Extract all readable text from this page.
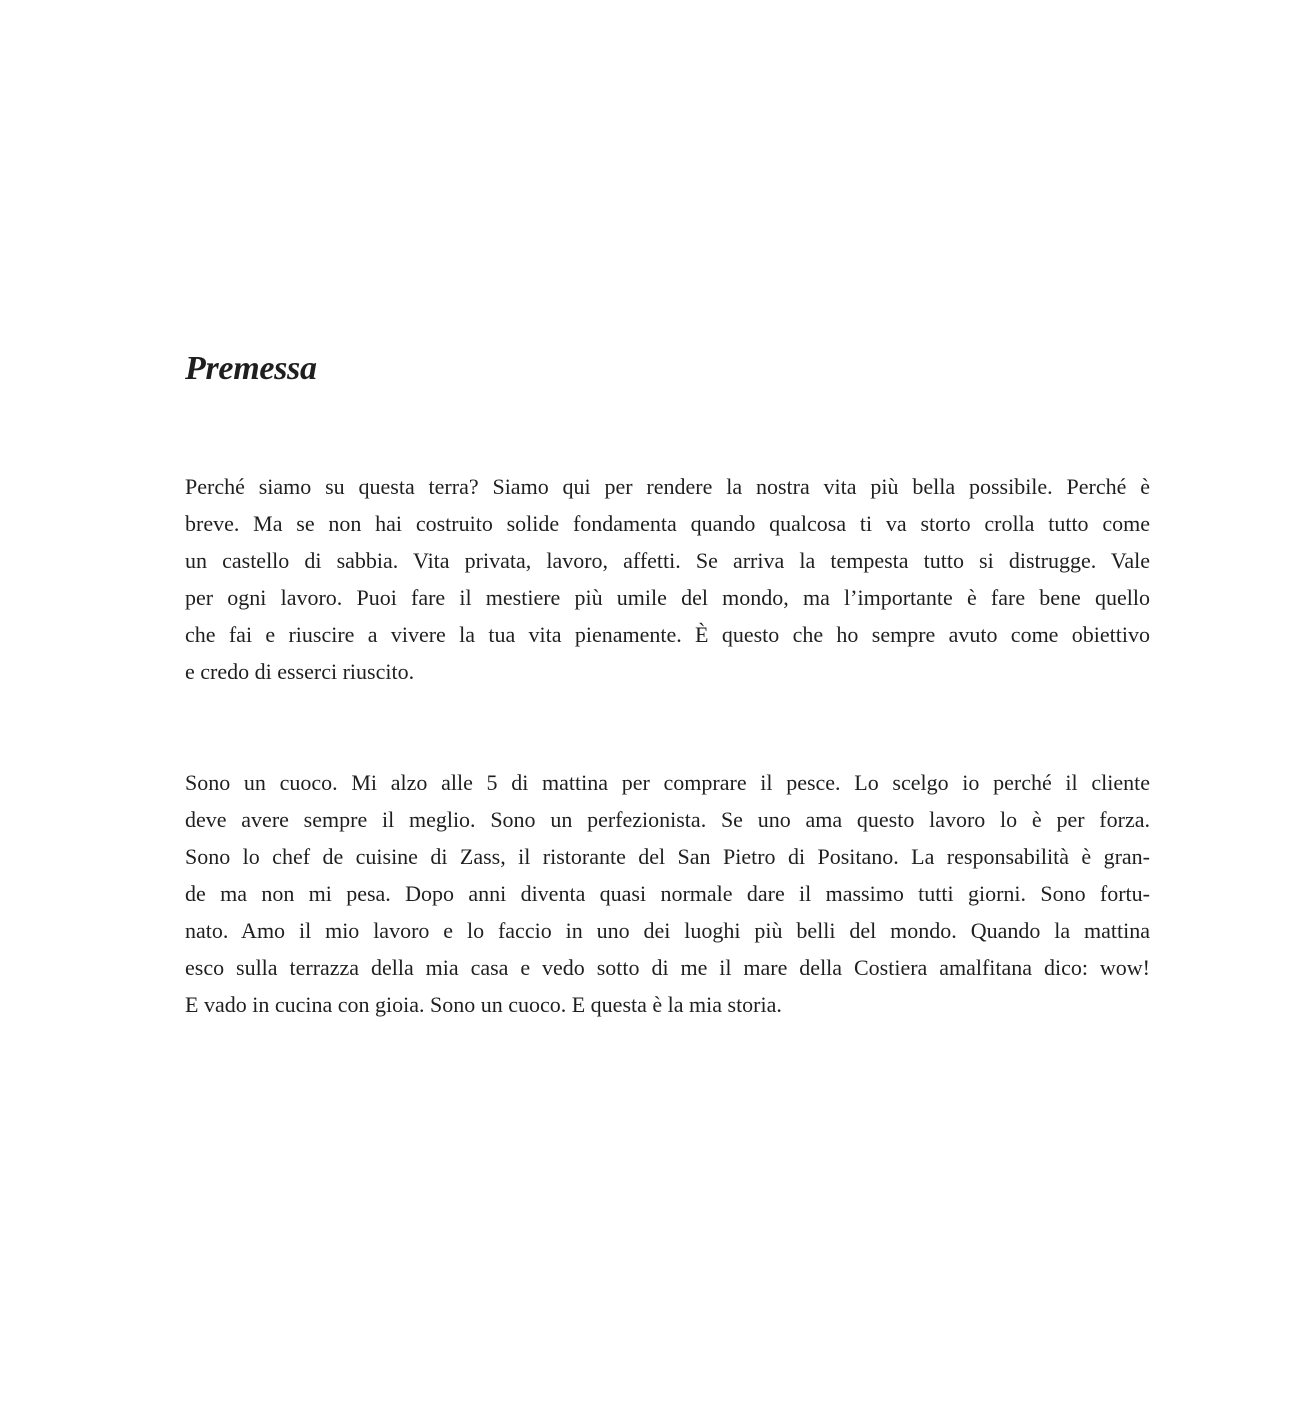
Premessa
Perché siamo su questa terra? Siamo qui per rendere la nostra vita più bella possibile. Perché è
breve. Ma se non hai costruito solide fondamenta quando qualcosa ti va storto crolla tutto come
un castello di sabbia. Vita privata, lavoro, affetti. Se arriva la tempesta tutto si distrugge. Vale
per ogni lavoro. Puoi fare il mestiere più umile del mondo, ma l’importante è fare bene quello
che fai e riuscire a vivere la tua vita pienamente. È questo che ho sempre avuto come obiettivo
e credo di esserci riuscito.
Sono un cuoco. Mi alzo alle 5 di mattina per comprare il pesce. Lo scelgo io perché il cliente
deve avere sempre il meglio. Sono un perfezionista. Se uno ama questo lavoro lo è per forza.
Sono lo chef de cuisine di Zass, il ristorante del San Pietro di Positano. La responsabilità è gran-
de ma non mi pesa. Dopo anni diventa quasi normale dare il massimo tutti giorni. Sono fortu-
nato. Amo il mio lavoro e lo faccio in uno dei luoghi più belli del mondo. Quando la mattina
esco sulla terrazza della mia casa e vedo sotto di me il mare della Costiera amalfitana dico: wow!
E vado in cucina con gioia. Sono un cuoco. E questa è la mia storia.
